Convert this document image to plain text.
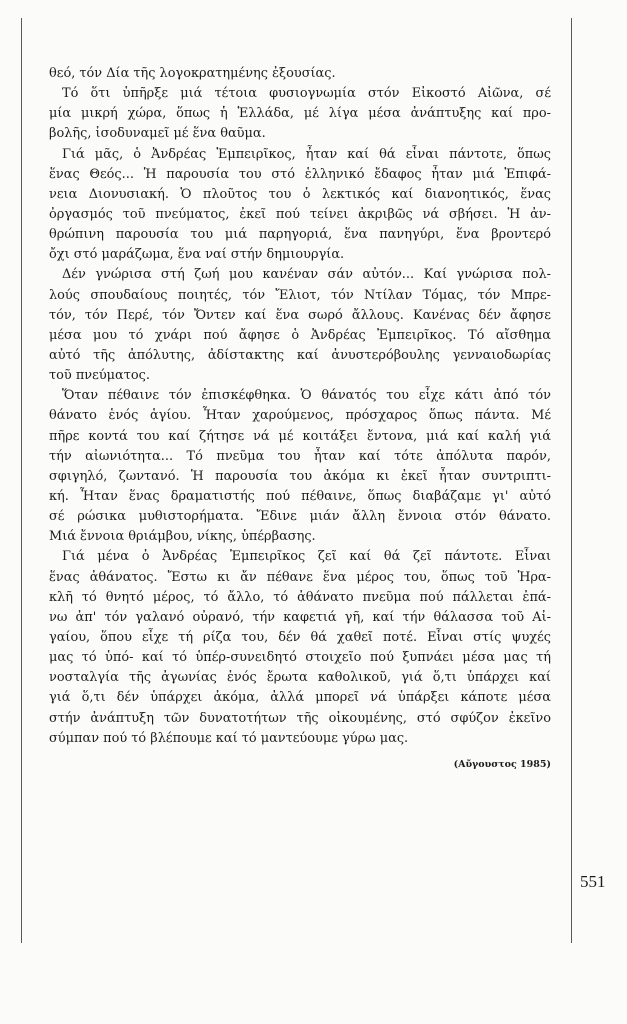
θεό, τόν Δία τῆς λογοκρατημένης ἐξουσίας.
Τό ὅτι ὑπῆρξε μιά τέτοια φυσιογνωμία στόν Εἰκοστό Αἰῶνα, σέ
μία μικρή χώρα, ὅπως ἡ Ἑλλάδα, μέ λίγα μέσα ἀνάπτυξης καί προ-
βολῆς, ἰσοδυναμεῖ μέ ἕνα θαῦμα.
Γιά μᾶς, ὁ Ἀνδρέας Ἐμπειρῖκος, ἦταν καί θά εἶναι πάντοτε, ὅπως
ἕνας Θεός... Ἡ παρουσία του στό ἑλληνικό ἔδαφος ἦταν μιά Ἐπιφά-
νεια Διονυσιακή. Ὁ πλοῦτος του ὁ λεκτικός καί διανοητικός, ἕνας
ὀργασμός τοῦ πνεύματος, ἐκεῖ πού τείνει ἀκριβῶς νά σβήσει. Ἡ ἀν-
θρώπινη παρουσία του μιά παρηγοριά, ἕνα πανηγύρι, ἕνα βροντερό
ὄχι στό μαράζωμα, ἕνα ναί στήν δημιουργία.
Δέν γνώρισα στή ζωή μου κανέναν σάν αὐτόν... Καί γνώρισα πολ-
λούς σπουδαίους ποιητές, τόν Ἔλιοτ, τόν Ντίλαν Τόμας, τόν Μπρε-
τόν, τόν Περέ, τόν Ὄντεν καί ἕνα σωρό ἄλλους. Κανένας δέν ἄφησε
μέσα μου τό χνάρι πού ἄφησε ὁ Ἀνδρέας Ἐμπειρῖκος. Τό αἴσθημα
αὐτό τῆς ἀπόλυτης, ἀδίστακτης καί ἀνυστερόβουλης γενναιοδωρίας
τοῦ πνεύματος.
Ὅταν πέθαινε τόν ἐπισκέφθηκα. Ὁ θάνατός του εἶχε κάτι ἀπό τόν
θάνατο ἑνός ἁγίου. Ἦταν χαρούμενος, πρόσχαρος ὅπως πάντα. Μέ
πῆρε κοντά του καί ζήτησε νά μέ κοιτάξει ἔντονα, μιά καί καλή γιά
τήν αἰωνιότητα... Τό πνεῦμα του ἦταν καί τότε ἀπόλυτα παρόν,
σφιγηλό, ζωντανό. Ἡ παρουσία του ἀκόμα κι ἐκεῖ ἦταν συντριπτι-
κή. Ἦταν ἕνας δραματιστής πού πέθαινε, ὅπως διαβάζαμε γι' αὐτό
σέ ρώσικα μυθιστορήματα. Ἔδινε μιάν ἄλλη ἔννοια στόν θάνατο.
Μιά ἔννοια θριάμβου, νίκης, ὑπέρβασης.
Γιά μένα ὁ Ἀνδρέας Ἐμπειρῖκος ζεῖ καί θά ζεῖ πάντοτε. Εἶναι
ἕνας ἀθάνατος. Ἔστω κι ἄν πέθανε ἕνα μέρος του, ὅπως τοῦ Ἡρα-
κλῆ τό θνητό μέρος, τό ἄλλο, τό ἀθάνατο πνεῦμα πού πάλλεται ἐπά-
νω ἀπ' τόν γαλανό οὐρανό, τήν καφετιά γῆ, καί τήν θάλασσα τοῦ Αἰ-
γαίου, ὅπου εἶχε τή ρίζα του, δέν θά χαθεῖ ποτέ. Εἶναι στίς ψυχές
μας τό ὑπό- καί τό ὑπέρ-συνειδητό στοιχεῖο πού ξυπνάει μέσα μας τή
νοσταλγία τῆς ἀγωνίας ἑνός ἔρωτα καθολικοῦ, γιά ὅ,τι ὑπάρχει καί
γιά ὅ,τι δέν ὑπάρχει ἀκόμα, ἀλλά μπορεῖ νά ὑπάρξει κάποτε μέσα
στήν ἀνάπτυξη τῶν δυνατοτήτων τῆς οἰκουμένης, στό σφύζον ἐκεῖνο
σύμπαν πού τό βλέπουμε καί τό μαντεύουμε γύρω μας.
(Αὔγουστος 1985)
551
